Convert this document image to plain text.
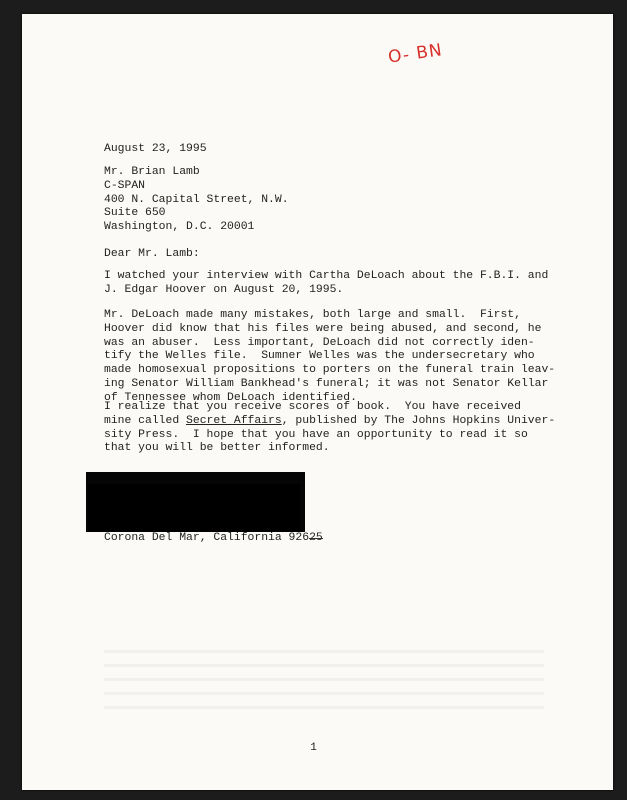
O- BN
August 23, 1995
Mr. Brian Lamb
C-SPAN
400 N. Capital Street, N.W.
Suite 650
Washington, D.C. 20001
Dear Mr. Lamb:
I watched your interview with Cartha DeLoach about the F.B.I. and
J. Edgar Hoover on August 20, 1995.
Mr. DeLoach made many mistakes, both large and small.  First,
Hoover did know that his files were being abused, and second, he
was an abuser.  Less important, DeLoach did not correctly iden-
tify the Welles file.  Sumner Welles was the undersecretary who
made homosexual propositions to porters on the funeral train leav-
ing Senator William Bankhead's funeral; it was not Senator Kellar
of Tennessee whom DeLoach identified.
I realize that you receive scores of book.  You have received
mine called Secret Affairs, published by The Johns Hopkins Univer-
sity Press.  I hope that you have an opportunity to read it so
that you will be better informed.
Corona Del Mar, California 92625
1
